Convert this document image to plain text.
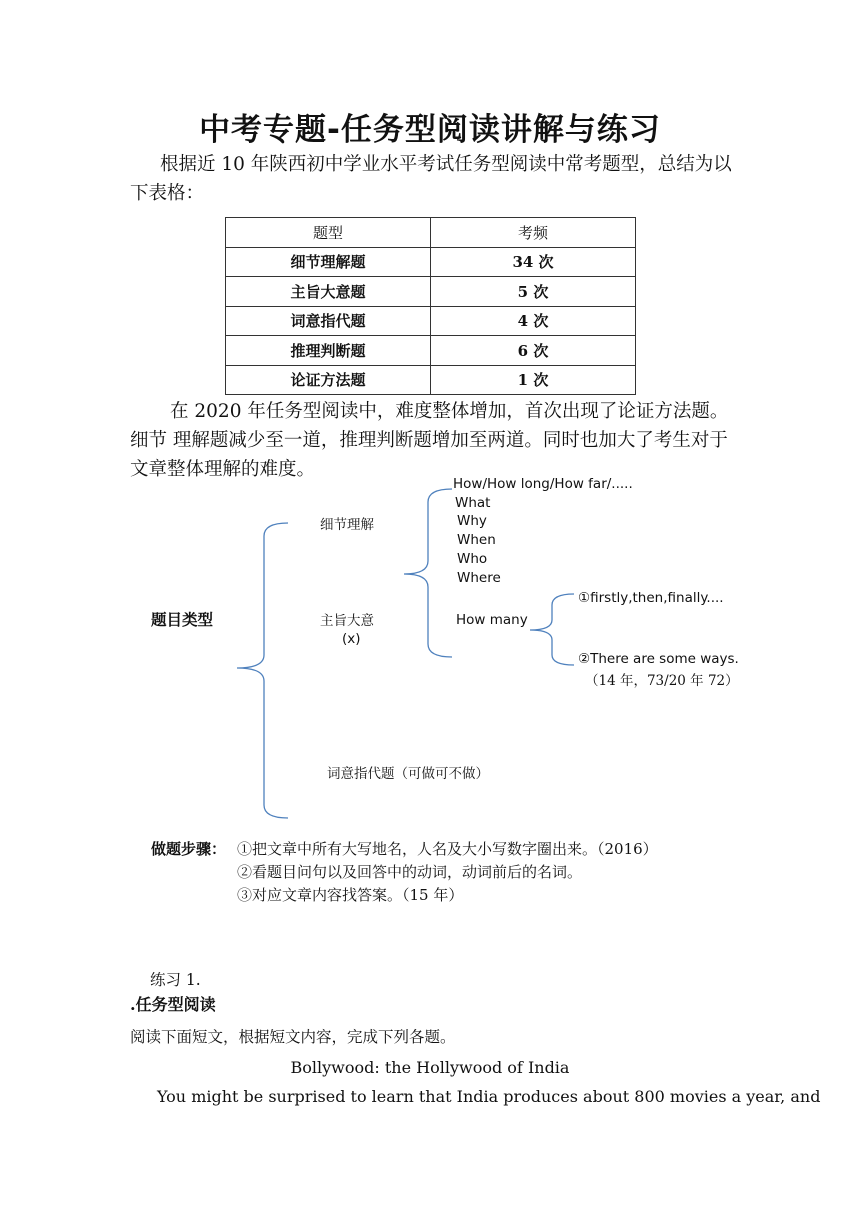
中考专题-任务型阅读讲解与练习
根据近 10 年陕西初中学业水平考试任务型阅读中常考题型，总结为以下表格：
题型	考频
细节理解题	34 次
主旨大意题	5 次
词意指代题	4 次
推理判断题	6 次
论证方法题	1 次
在 2020 年任务型阅读中，难度整体增加，首次出现了论证方法题。细节 理解题减少至一道，推理判断题增加至两道。同时也加大了考生对于文章整体理解的难度。
题目类型
细节理解
主旨大意
(x)
词意指代题（可做可不做）
How/How long/How far/.....
What
Why
When
Who
Where
How many
①firstly,then,finally....
②There are some ways.
（14 年，73/20 年 72）
做题步骤： ①把文章中所有大写地名，人名及大小写数字圈出来。（2016）
②看题目问句以及回答中的动词，动词前后的名词。
③对应文章内容找答案。（15 年）
练习 1.
.任务型阅读
阅读下面短文，根据短文内容，完成下列各题。
Bollywood: the Hollywood of India
You might be surprised to learn that India produces about 800 movies a year, and
